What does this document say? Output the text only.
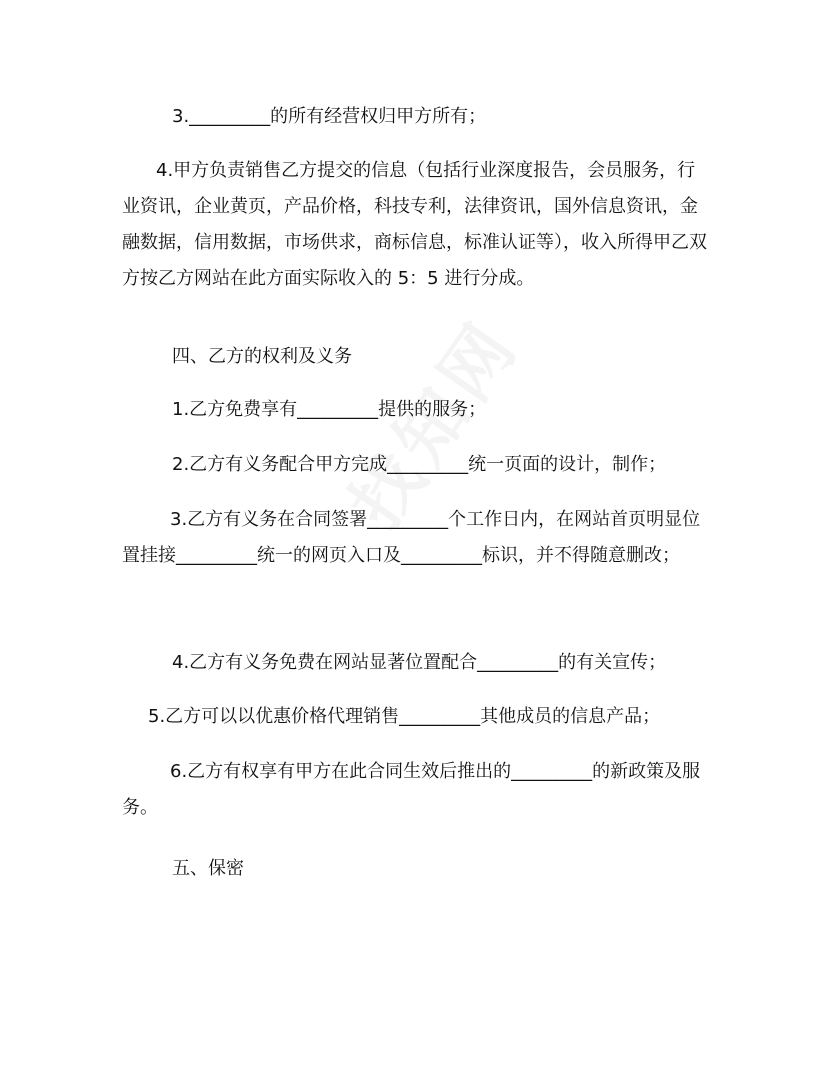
3._________的所有经营权归甲方所有；

4.甲方负责销售乙方提交的信息（包括行业深度报告，会员服务，行业资讯，企业黄页，产品价格，科技专利，法律资讯，国外信息资讯，金融数据，信用数据，市场供求，商标信息，标准认证等），收入所得甲乙双方按乙方网站在此方面实际收入的 5：5 进行分成。

四、乙方的权利及义务

1.乙方免费享有_________提供的服务；

2.乙方有义务配合甲方完成_________统一页面的设计，制作；

3.乙方有义务在合同签署_________个工作日内，在网站首页明显位置挂接_________统一的网页入口及_________标识，并不得随意删改；

4.乙方有义务免费在网站显著位置配合_________的有关宣传；

5.乙方可以以优惠价格代理销售_________其他成员的信息产品；

6.乙方有权享有甲方在此合同生效后推出的_________的新政策及服务。

五、保密
